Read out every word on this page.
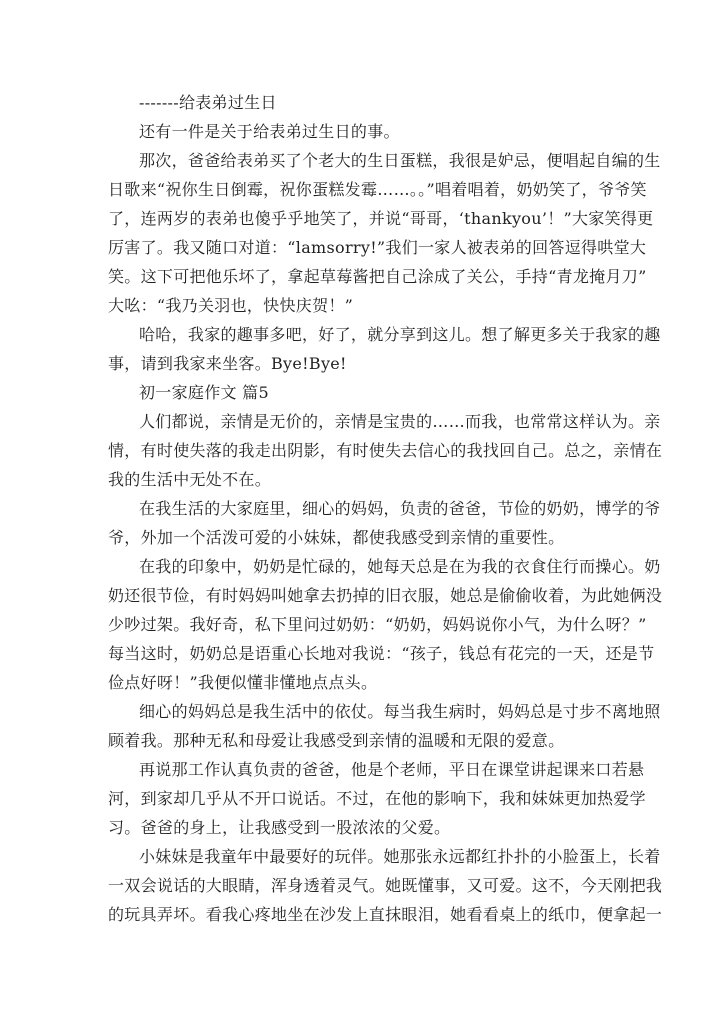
-------给表弟过生日
还有一件是关于给表弟过生日的事。
那次，爸爸给表弟买了个老大的生日蛋糕，我很是妒忌，便唱起自编的生
日歌来“祝你生日倒霉，祝你蛋糕发霉……。。”唱着唱着，奶奶笑了，爷爷笑
了，连两岁的表弟也傻乎乎地笑了，并说“哥哥，‘thankyou’！”大家笑得更
厉害了。我又随口对道：“lamsorry!”我们一家人被表弟的回答逗得哄堂大
笑。这下可把他乐坏了，拿起草莓酱把自己涂成了关公，手持“青龙掩月刀”
大吆：“我乃关羽也，快快庆贺！”
哈哈，我家的趣事多吧，好了，就分享到这儿。想了解更多关于我家的趣
事，请到我家来坐客。Bye!Bye!
初一家庭作文 篇5
人们都说，亲情是无价的，亲情是宝贵的……而我，也常常这样认为。亲
情，有时使失落的我走出阴影，有时使失去信心的我找回自己。总之，亲情在
我的生活中无处不在。
在我生活的大家庭里，细心的妈妈，负责的爸爸，节俭的奶奶，博学的爷
爷，外加一个活泼可爱的小妹妹，都使我感受到亲情的重要性。
在我的印象中，奶奶是忙碌的，她每天总是在为我的衣食住行而操心。奶
奶还很节俭，有时妈妈叫她拿去扔掉的旧衣服，她总是偷偷收着，为此她俩没
少吵过架。我好奇，私下里问过奶奶：“奶奶，妈妈说你小气，为什么呀？”
每当这时，奶奶总是语重心长地对我说：“孩子，钱总有花完的一天，还是节
俭点好呀！”我便似懂非懂地点点头。
细心的妈妈总是我生活中的依仗。每当我生病时，妈妈总是寸步不离地照
顾着我。那种无私和母爱让我感受到亲情的温暖和无限的爱意。
再说那工作认真负责的爸爸，他是个老师，平日在课堂讲起课来口若悬
河，到家却几乎从不开口说话。不过，在他的影响下，我和妹妹更加热爱学
习。爸爸的身上，让我感受到一股浓浓的父爱。
小妹妹是我童年中最要好的玩伴。她那张永远都红扑扑的小脸蛋上，长着
一双会说话的大眼睛，浑身透着灵气。她既懂事，又可爱。这不，今天刚把我
的玩具弄坏。看我心疼地坐在沙发上直抹眼泪，她看看桌上的纸巾，便拿起一
